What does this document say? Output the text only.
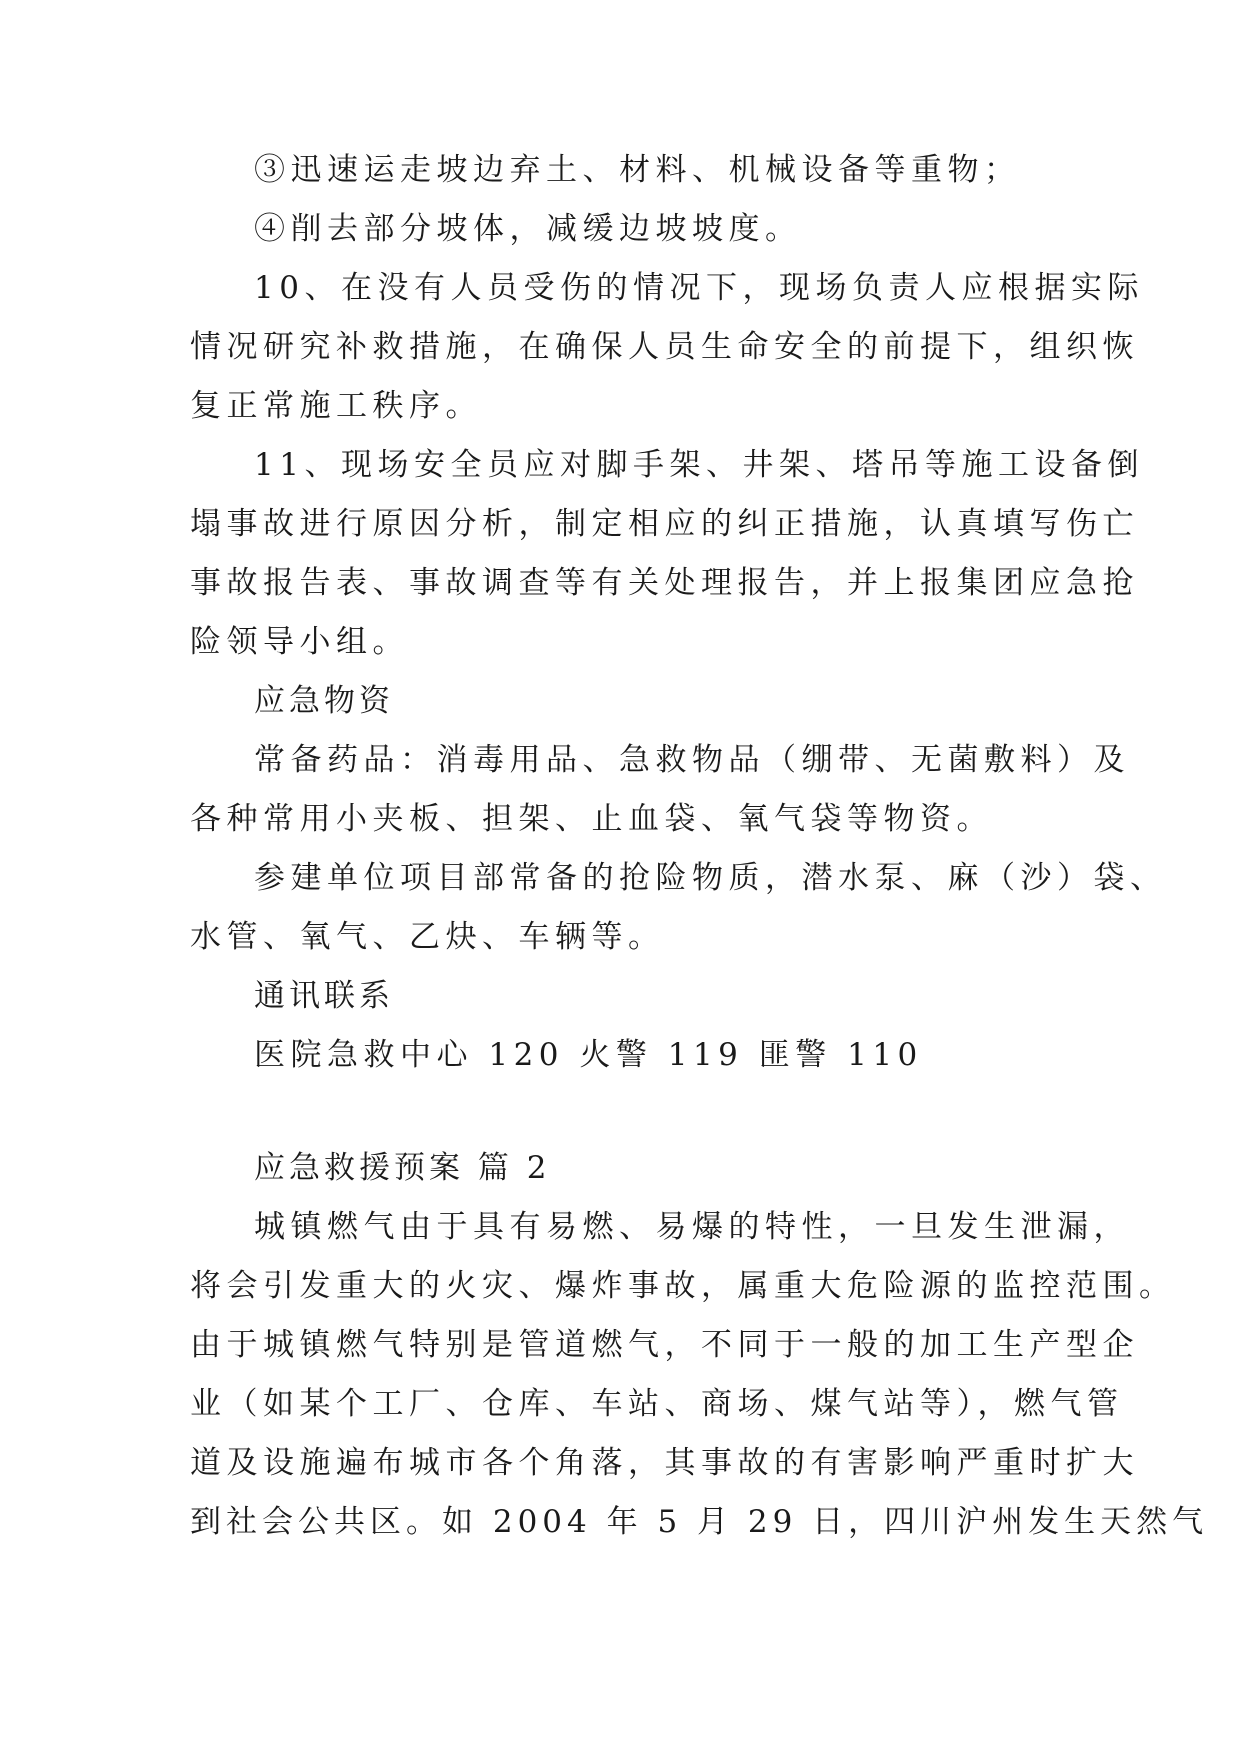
③迅速运走坡边弃土、材料、机械设备等重物；
④削去部分坡体，减缓边坡坡度。
10、在没有人员受伤的情况下，现场负责人应根据实际
情况研究补救措施，在确保人员生命安全的前提下，组织恢
复正常施工秩序。
11、现场安全员应对脚手架、井架、塔吊等施工设备倒
塌事故进行原因分析，制定相应的纠正措施，认真填写伤亡
事故报告表、事故调查等有关处理报告，并上报集团应急抢
险领导小组。
应急物资
常备药品：消毒用品、急救物品（绷带、无菌敷料）及
各种常用小夹板、担架、止血袋、氧气袋等物资。
参建单位项目部常备的抢险物质，潜水泵、麻（沙）袋、
水管、氧气、乙炔、车辆等。
通讯联系
医院急救中心 120 火警 119 匪警 110
应急救援预案 篇 2
城镇燃气由于具有易燃、易爆的特性，一旦发生泄漏，
将会引发重大的火灾、爆炸事故，属重大危险源的监控范围。
由于城镇燃气特别是管道燃气，不同于一般的加工生产型企
业（如某个工厂、仓库、车站、商场、煤气站等），燃气管
道及设施遍布城市各个角落，其事故的有害影响严重时扩大
到社会公共区。如 2004 年 5 月 29 日，四川沪州发生天然气
